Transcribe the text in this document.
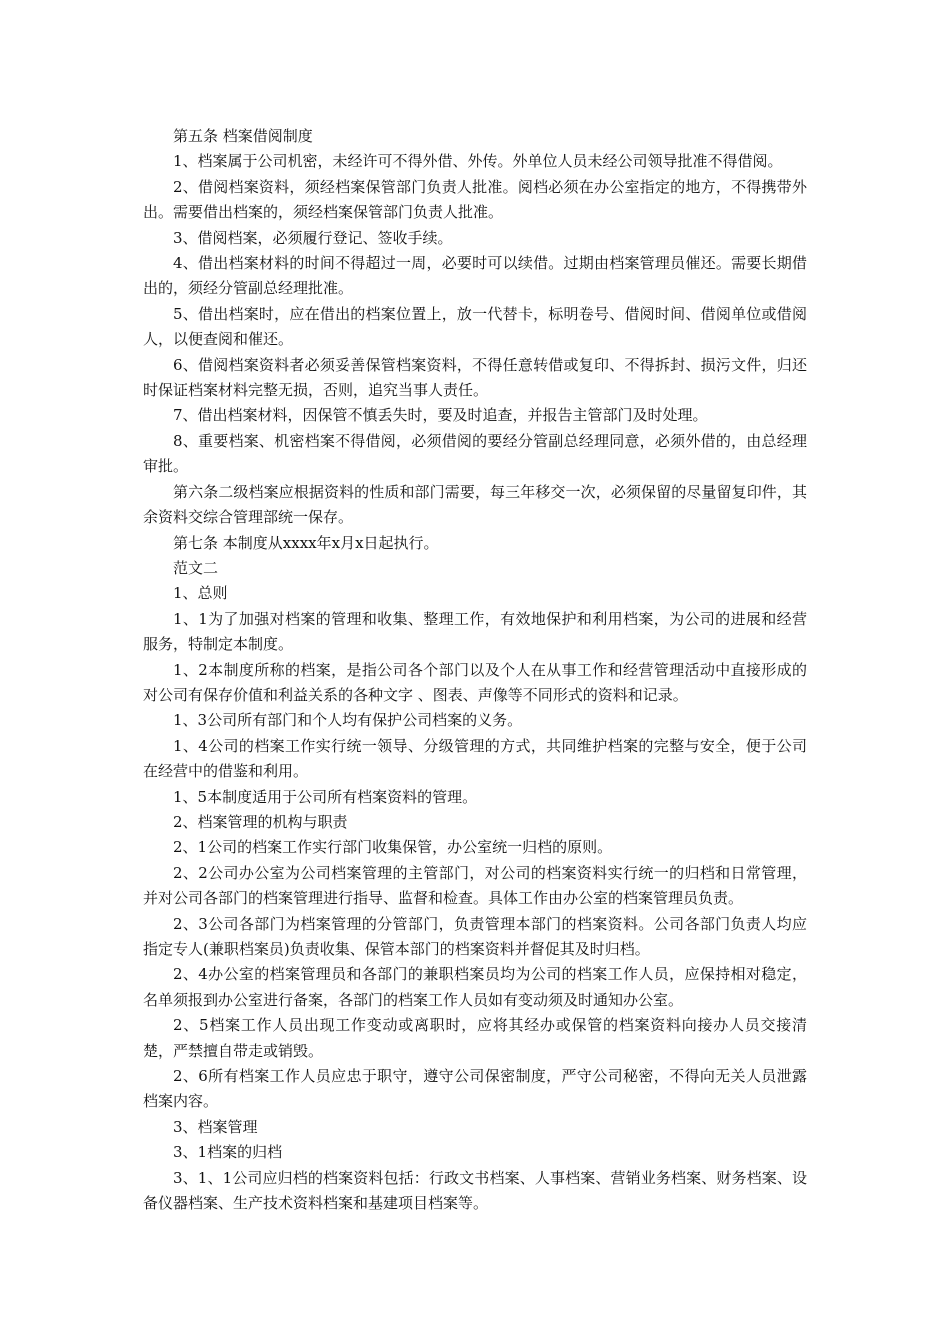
第五条 档案借阅制度

1、档案属于公司机密，未经许可不得外借、外传。外单位人员未经公司领导批准不得借阅。

2、借阅档案资料，须经档案保管部门负责人批准。阅档必须在办公室指定的地方，不得携带外出。需要借出档案的，须经档案保管部门负责人批准。

3、借阅档案，必须履行登记、签收手续。

4、借出档案材料的时间不得超过一周，必要时可以续借。过期由档案管理员催还。需要长期借出的，须经分管副总经理批准。

5、借出档案时，应在借出的档案位置上，放一代替卡，标明卷号、借阅时间、借阅单位或借阅人，以便查阅和催还。

6、借阅档案资料者必须妥善保管档案资料，不得任意转借或复印、不得拆封、损污文件，归还时保证档案材料完整无损，否则，追究当事人责任。

7、借出档案材料，因保管不慎丢失时，要及时追查，并报告主管部门及时处理。

8、重要档案、机密档案不得借阅，必须借阅的要经分管副总经理同意，必须外借的，由总经理审批。

第六条二级档案应根据资料的性质和部门需要，每三年移交一次，必须保留的尽量留复印件，其余资料交综合管理部统一保存。

第七条 本制度从xxxx年x月x日起执行。

范文二

1、总则

1、1为了加强对档案的管理和收集、整理工作，有效地保护和利用档案，为公司的进展和经营服务，特制定本制度。

1、2本制度所称的档案，是指公司各个部门以及个人在从事工作和经营管理活动中直接形成的对公司有保存价值和利益关系的各种文字 、图表、声像等不同形式的资料和记录。

1、3公司所有部门和个人均有保护公司档案的义务。

1、4公司的档案工作实行统一领导、分级管理的方式，共同维护档案的完整与安全，便于公司在经营中的借鉴和利用。

1、5本制度适用于公司所有档案资料的管理。

2、档案管理的机构与职责

2、1公司的档案工作实行部门收集保管，办公室统一归档的原则。

2、2公司办公室为公司档案管理的主管部门，对公司的档案资料实行统一的归档和日常管理，并对公司各部门的档案管理进行指导、监督和检查。具体工作由办公室的档案管理员负责。

2、3公司各部门为档案管理的分管部门，负责管理本部门的档案资料。公司各部门负责人均应指定专人(兼职档案员)负责收集、保管本部门的档案资料并督促其及时归档。

2、4办公室的档案管理员和各部门的兼职档案员均为公司的档案工作人员，应保持相对稳定，名单须报到办公室进行备案，各部门的档案工作人员如有变动须及时通知办公室。

2、5档案工作人员出现工作变动或离职时，应将其经办或保管的档案资料向接办人员交接清楚，严禁擅自带走或销毁。

2、6所有档案工作人员应忠于职守，遵守公司保密制度，严守公司秘密，不得向无关人员泄露档案内容。

3、档案管理

3、1档案的归档

3、1、1公司应归档的档案资料包括：行政文书档案、人事档案、营销业务档案、财务档案、设备仪器档案、生产技术资料档案和基建项目档案等。
